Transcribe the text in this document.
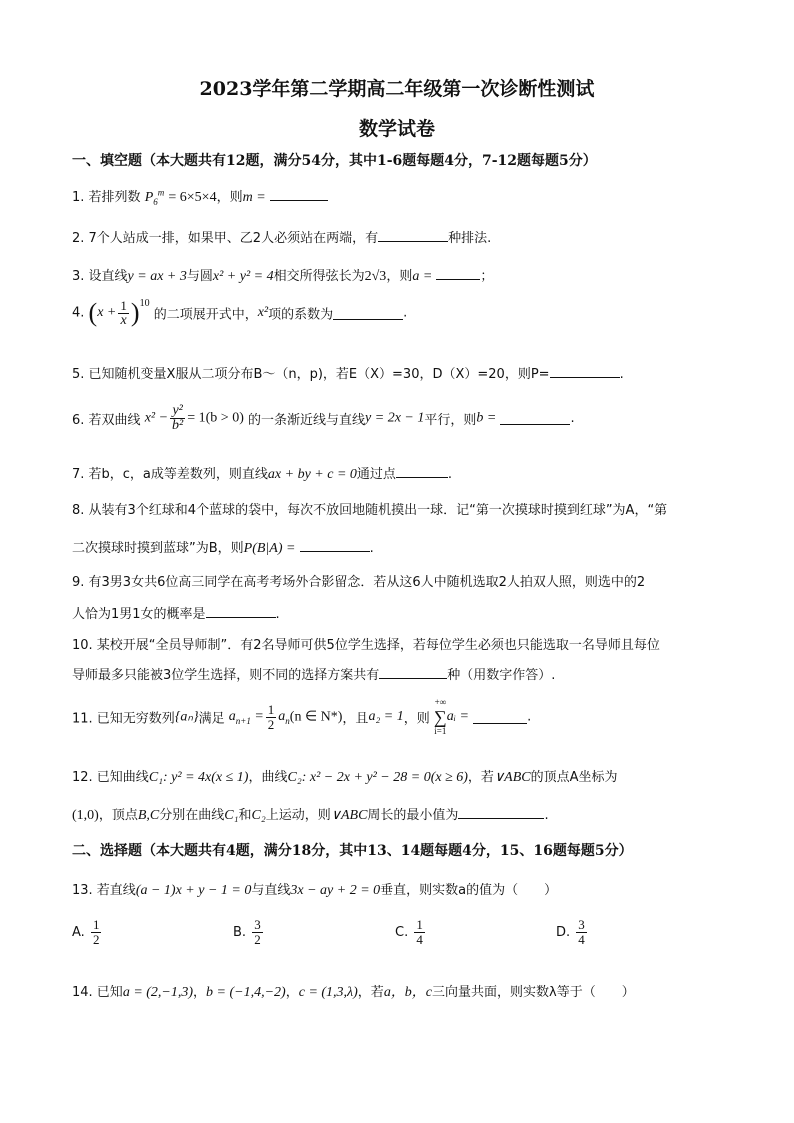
2023学年第二学期高二年级第一次诊断性测试
数学试卷
一、填空题（本大题共有12题，满分54分，其中1-6题每题4分，7-12题每题5分）
1. 若排列数 $P_6^m = 6\times 5\times 4$，则m =
2. 7个人站成一排，如果甲、乙2人必须站在两端，有	种排法.
3. 设直线y = ax + 3与圆x² + y² = 4相交所得弦长为2√3，则a =	；
4. $(x + \frac{1}{x} )^{10}$ 的二项展开式中，x²项的系数为	.
5. 已知随机变量X服从二项分布B～（n，p)，若E（X）=30，D（X）=20，则P=	.
6. 若双曲线 $x^2 - \frac{\text{y²}}{\text{b²}} = 1(b > 0)$ 的一条渐近线与直线y = 2x − 1平行，则b =	.
7. 若b，c，a成等差数列，则直线ax + by + c = 0通过点	.
8. 从装有3个红球和4个蓝球的袋中，每次不放回地随机摸出一球．记“第一次摸球时摸到红球”为A，“第
二次摸球时摸到蓝球”为B，则P(B|A) =	.
9. 有3男3女共6位高三同学在高考考场外合影留念．若从这6人中随机选取2人拍双人照，则选中的2
人恰为1男1女的概率是	.
10. 某校开展“全员导师制”．有2名导师可供5位学生选择，若每位学生必须也只能选取一名导师且每位
导师最多只能被3位学生选择，则不同的选择方案共有	种（用数字作答）.
11. 已知无穷数列{aₙ}满足 $a_{n+1} = \frac{1}{2} a_n(n$ ∈ N*)，且a₂ = 1，则
+∞
∑
i=1
aᵢ =	.
12. 已知曲线C₁: y² = 4x(x ≤ 1)，曲线C₂: x² − 2x + y² − 28 = 0(x ≥ 6)，若∨ABC的顶点A坐标为
(1,0)，顶点B,C分别在曲线C₁和C₂上运动，则∨ABC周长的最小值为	.
二、选择题（本大题共有4题，满分18分，其中13、14题每题4分，15、16题每题5分）
13. 若直线(a − 1)x + y − 1 = 0与直线3x − ay + 2 = 0垂直，则实数a的值为（　　）
A. $\frac{1}{2}$	B. $\frac{3}{2}$	C. $\frac{1}{4}$	D. $\frac{3}{4}$
14. 已知a = (2,−1,3)，b = (−1,4,−2)，c = (1,3,λ)，若a，b，c三向量共面，则实数λ等于（　　）
